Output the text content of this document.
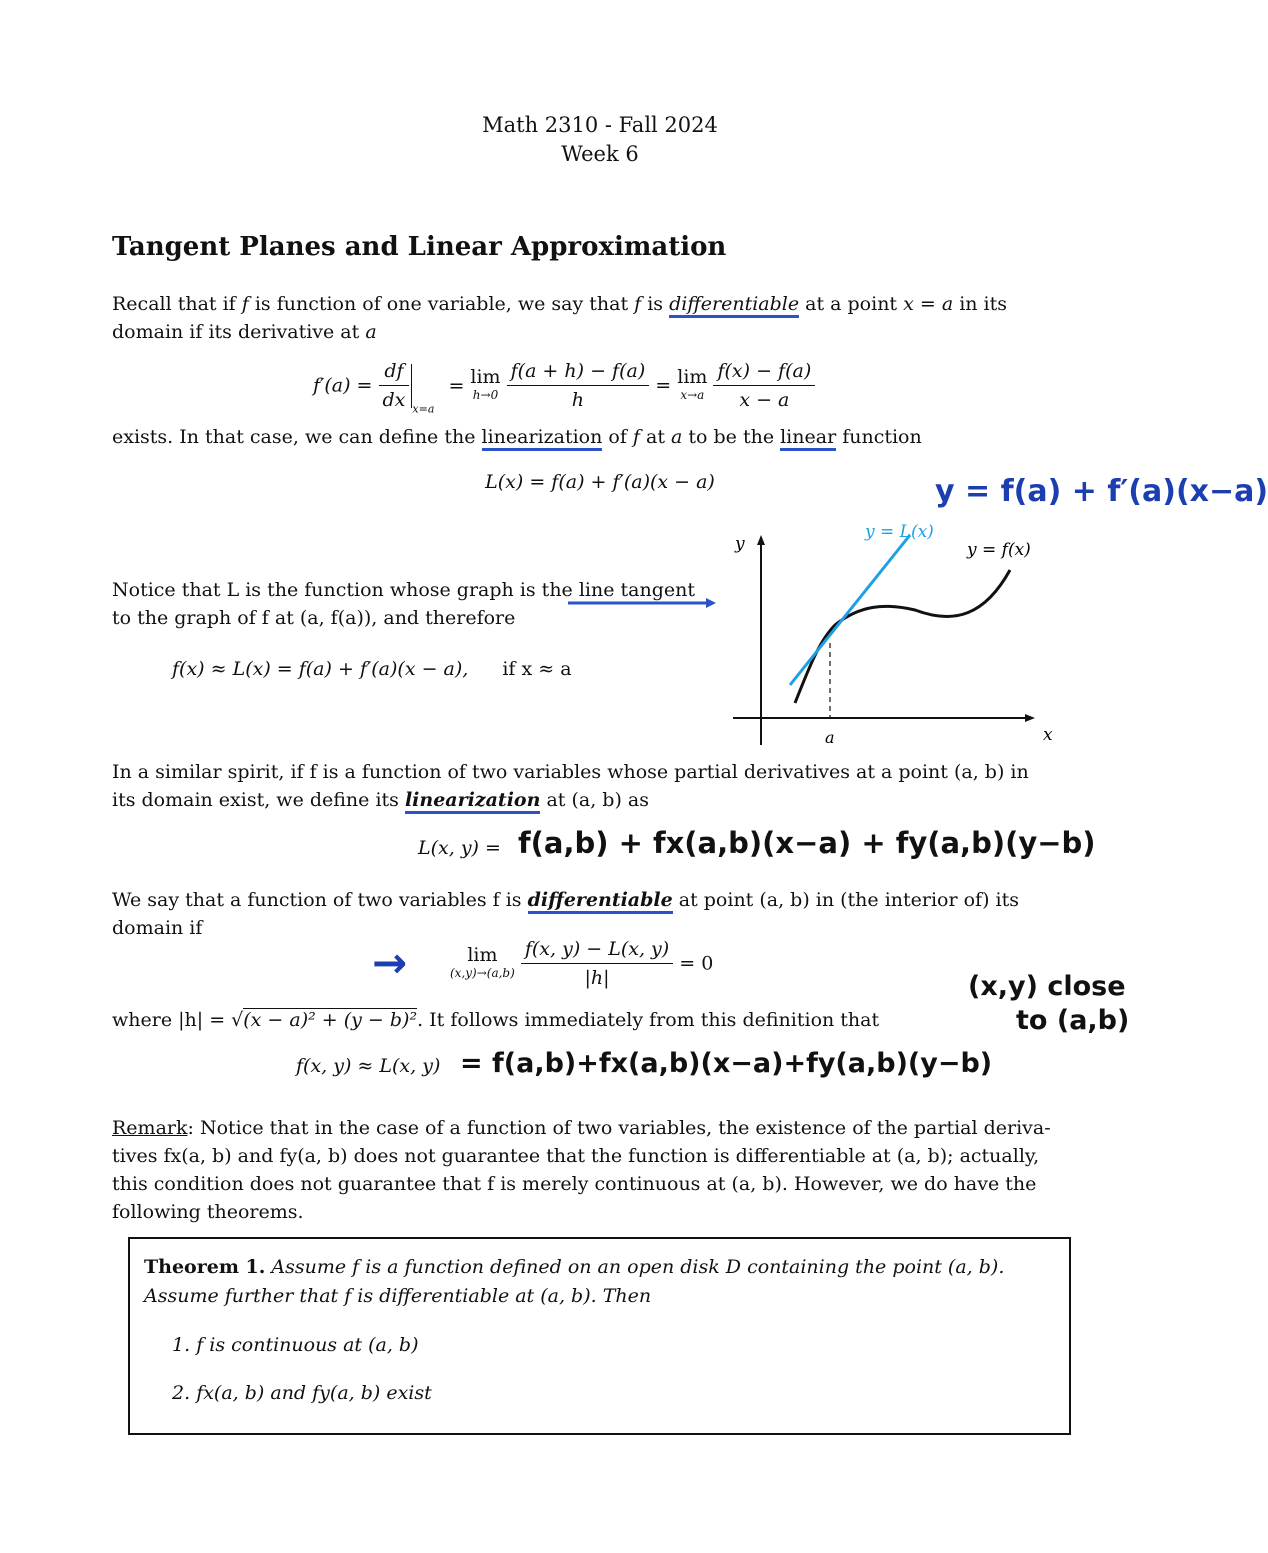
Math 2310 - Fall 2024
Week 6
Tangent Planes and Linear Approximation
Recall that if f is function of one variable, we say that f is differentiable at a point x = a in its
domain if its derivative at a
$f'(a) = \frac{df}{dx} _{x=a} = \lim$
h→0
$\frac{f(a + h) - f(a)}{h} = \lim$
x→a
$\frac{f(x) - f(a)}{x - a}$
exists. In that case, we can define the linearization of f at a to be the linear function
L(x) = f(a) + f′(a)(x − a)	y = f(a) + f′(a)(x−a)
y
x
a
y = L(x)
y = f(x)
Notice that L is the function whose graph is the line tangent
to the graph of f at (a, f(a)), and therefore
f(x) ≈ L(x) = f(a) + f′(a)(x − a), if x ≈ a
In a similar spirit, if f is a function of two variables whose partial derivatives at a point (a, b) in
its domain exist, we define its linearization at (a, b) as
L(x, y) = f(a,b) + fx(a,b)(x−a) + fy(a,b)(y−b)
We say that a function of two variables f is differentiable at point (a, b) in (the interior of) its
domain if
→	lim
(x,y)→(a,b)
$\frac{f(x, y) - L(x, y)}{|h|} = 0$
(x,y) close
to (a,b)
where |h| = √(x − a)² + (y − b)². It follows immediately from this definition that
f(x, y) ≈ L(x, y) = f(a,b)+fx(a,b)(x−a)+fy(a,b)(y−b)
Remark: Notice that in the case of a function of two variables, the existence of the partial deriva-
tives fx(a, b) and fy(a, b) does not guarantee that the function is differentiable at (a, b); actually,
this condition does not guarantee that f is merely continuous at (a, b). However, we do have the
following theorems.
Theorem 1. Assume f is a function defined on an open disk D containing the point (a, b).
Assume further that f is differentiable at (a, b). Then
1. f is continuous at (a, b)
2. fx(a, b) and fy(a, b) exist
